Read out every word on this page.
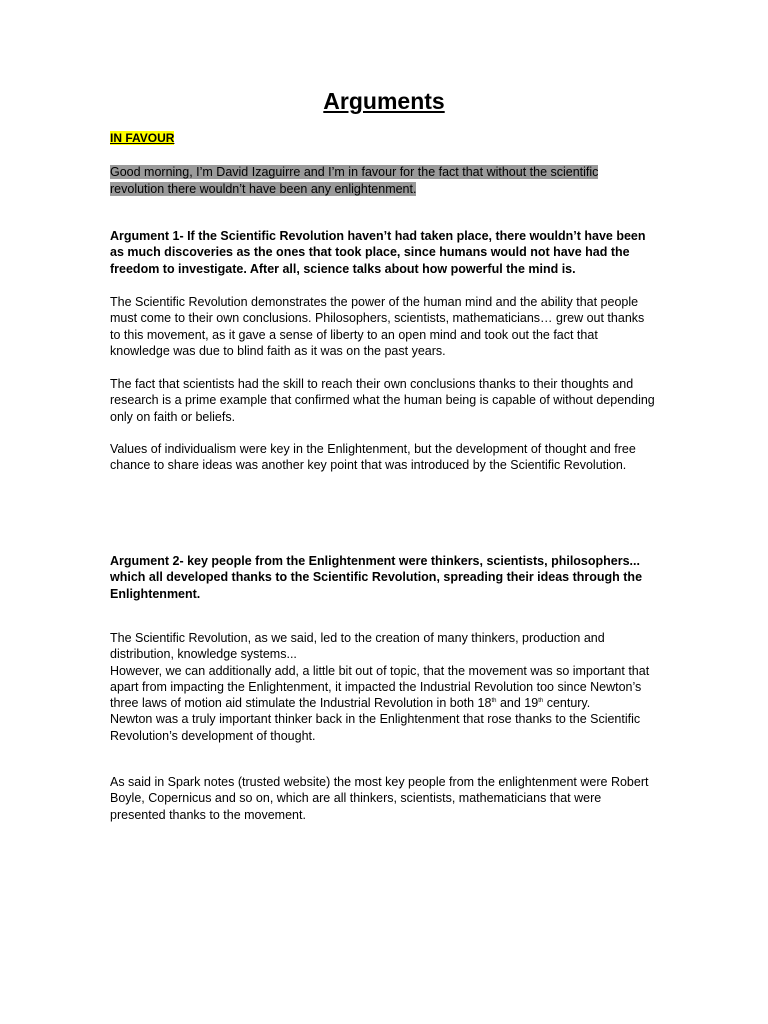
Arguments
IN FAVOUR
Good morning, I’m David Izaguirre and I’m in favour for the fact that without the scientific revolution there wouldn’t have been any enlightenment.

Argument 1- If the Scientific Revolution haven’t had taken place, there wouldn’t have been as much discoveries as the ones that took place, since humans would not have had the freedom to investigate. After all, science talks about how powerful the mind is.

The Scientific Revolution demonstrates the power of the human mind and the ability that people must come to their own conclusions. Philosophers, scientists, mathematicians… grew out thanks to this movement, as it gave a sense of liberty to an open mind and took out the fact that knowledge was due to blind faith as it was on the past years.

The fact that scientists had the skill to reach their own conclusions thanks to their thoughts and research is a prime example that confirmed what the human being is capable of without depending only on faith or beliefs.

Values of individualism were key in the Enlightenment, but the development of thought and free chance to share ideas was another key point that was introduced by the Scientific Revolution.

Argument 2- key people from the Enlightenment were thinkers, scientists, philosophers... which all developed thanks to the Scientific Revolution, spreading their ideas through the Enlightenment.

The Scientific Revolution, as we said, led to the creation of many thinkers, production and distribution, knowledge systems...
However, we can additionally add, a little bit out of topic, that the movement was so important that apart from impacting the Enlightenment, it impacted the Industrial Revolution too since Newton’s three laws of motion aid stimulate the Industrial Revolution in both 18th and 19th century.
Newton was a truly important thinker back in the Enlightenment that rose thanks to the Scientific Revolution’s development of thought.

As said in Spark notes (trusted website) the most key people from the enlightenment were Robert Boyle, Copernicus and so on, which are all thinkers, scientists, mathematicians that were presented thanks to the movement.
